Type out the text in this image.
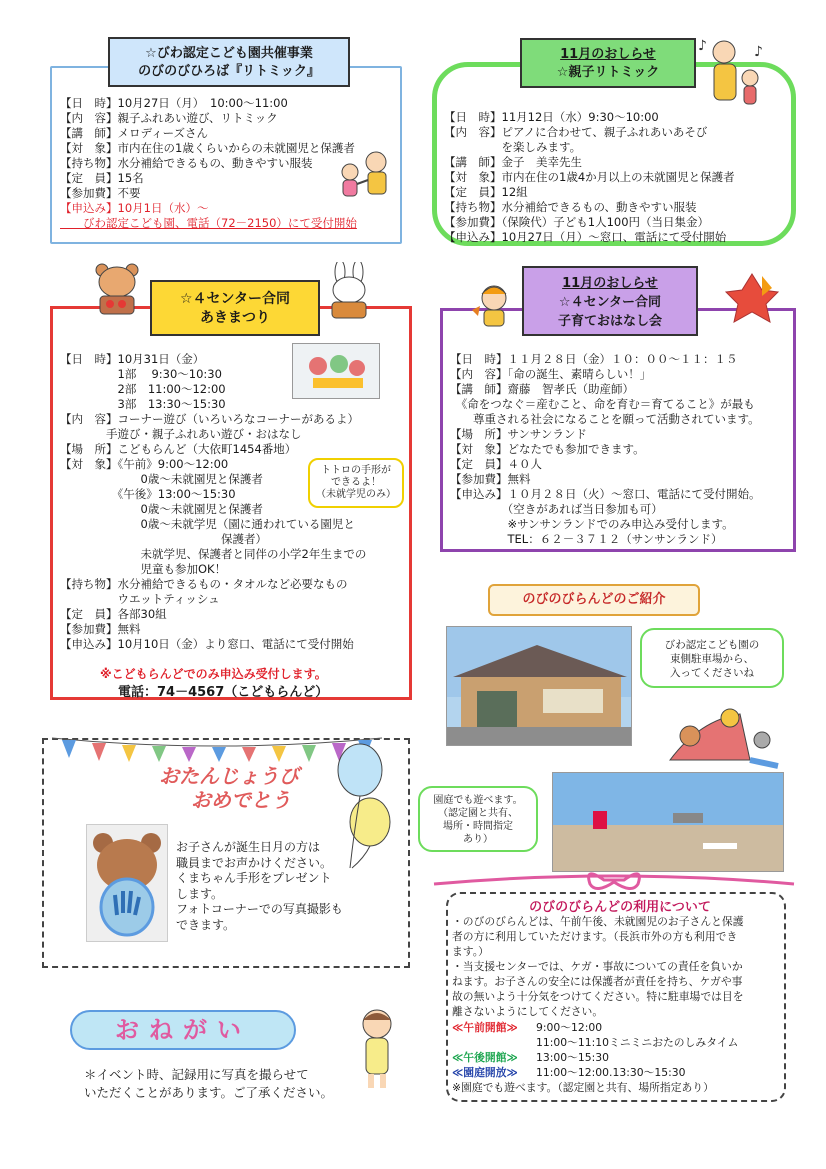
☆びわ認定こども園共催事業
のびのびひろば『リトミック』
【日　時】10月27日（月）　10:00～11:00
【内　容】親子ふれあい遊び、リトミック
【講　師】メロディーズさん
【対　象】市内在住の1歳くらいからの未就園児と保護者
【持ち物】水分補給できるもの、動きやすい服装
【定　員】15名
【参加費】不要
【申込み】10月1日（水）～
　　びわ認定こども園、電話（72－2150）にて受付開始
11月のおしらせ
☆親子リトミック
♪	♪
【日　時】11月12日（水）9:30～10:00
【内　容】ピアノに合わせて、親子ふれあいあそび
　　　　　を楽しみます。
【講　師】金子　美幸先生
【対　象】市内在住の1歳4か月以上の未就園児と保護者
【定　員】12組
【持ち物】水分補給できるもの、動きやすい服装
【参加費】（保険代）子ども1人100円（当日集金）
【申込み】10月27日（月）～窓口、電話にて受付開始
☆４センター合同
あきまつり
トトロの手形が
できるよ！
（未就学児のみ）
【日　時】10月31日（金）
　　　　　1部　 9:30～10:30
　　　　　2部　11:00～12:00
　　　　　3部　13:30～15:30
【内　容】コーナー遊び（いろいろなコーナーがあるよ）
　　　　手遊び・親子ふれあい遊び・おはなし
【場　所】こどもらんど（大依町1454番地）
【対　象】《午前》9:00～12:00
　　　　　　　0歳～未就園児と保護者
　　　　　《午後》13:00～15:30
　　　　　　　0歳～未就園児と保護者
　　　　　　　0歳～未就学児（園に通われている園児と
　　　　　　　　　　　　　　保護者）
　　　　　　　未就学児、保護者と同伴の小学2年生までの
　　　　　　　児童も参加OK！
【持ち物】水分補給できるもの・タオルなど必要なもの
　　　　　ウエットティッシュ
【定　員】各部30組
【参加費】無料
【申込み】10月10日（金）より窓口、電話にて受付開始
※こどもらんどでのみ申込み受付します。
電話：74－4567（こどもらんど）
11月のおしらせ
☆４センター合同
子育ておはなし会
【日　時】１１月２８日（金）１０：００～１１：１５
【内　容】「命の誕生、素晴らしい！」
【講　師】齋藤　智孝氏（助産師）
　《命をつなぐ＝産むこと、命を育む＝育てること》が最も
　　尊重される社会になることを願って活動されています。
【場　所】サンサンランド
【対　象】どなたでも参加できます。
【定　員】４０人
【参加費】無料
【申込み】１０月２８日（火）～窓口、電話にて受付開始。
　　　　　（空きがあれば当日参加も可）
　　　　　※サンサンランドでのみ申込み受付します。
　　　　　TEL：６２－３７１２（サンサンランド）
のびのびらんどのご紹介
びわ認定こども園の
東側駐車場から、
入ってくださいね
園庭でも遊べます。
（認定園と共有、
場所・時間指定
あり）
おたんじょうび
おめでとう
お子さんが誕生日月の方は
職員までお声かけください。
くまちゃん手形をプレゼント
します。
フォトコーナーでの写真撮影も
できます。
のびのびらんどの利用について
・のびのびらんどは、午前午後、未就園児のお子さんと保護
者の方に利用していただけます。（長浜市外の方も利用でき
ます。）
・当支援センターでは、ケガ・事故についての責任を負いか
ねます。お子さんの安全には保護者が責任を持ち、ケガや事
故の無いよう十分気をつけてください。特に駐車場では目を
離さないようにしてください。
≪午前開館≫ 9:00～12:00
11:00～11:10ミニミニおたのしみタイム
≪午後開館≫ 13:00～15:30
≪園庭開放≫ 11:00～12:00.13:30～15:30
※園庭でも遊べます。（認定園と共有、場所指定あり）
おねがい
＊イベント時、記録用に写真を撮らせて
いただくことがあります。ご了承ください。
